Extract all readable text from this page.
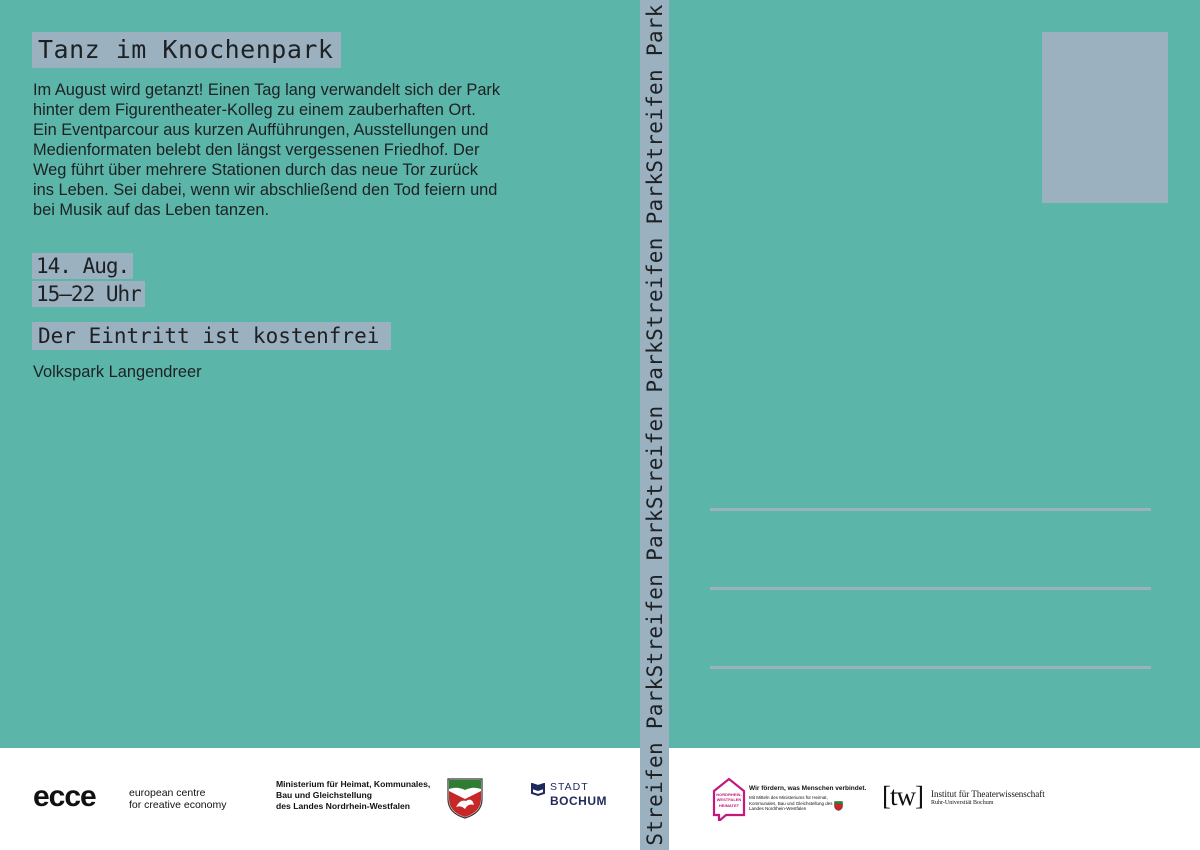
Tanz im Knochenpark

Im August wird getanzt! Einen Tag lang verwandelt sich der Park hinter dem Figurentheater-Kolleg zu einem zauberhaften Ort. Ein Eventparcour aus kurzen Aufführungen, Ausstellungen und Medienformaten belebt den längst vergessenen Friedhof. Der Weg führt über mehrere Stationen durch das neue Tor zurück ins Leben. Sei dabei, wenn wir abschließend den Tod feiern und bei Musik auf das Leben tanzen.

14. Aug.
15–22 Uhr
Der Eintritt ist kostenfrei
Volkspark Langendreer	Streifen ParkStreifen ParkStreifen ParkStreifen ParkStreifen Park
ecce	european centre
for creative economy
Ministerium für Heimat, Kommunales,
Bau und Gleichstellung
des Landes Nordrhein-Westfalen
STADT
BOCHUM	NORDRHEIN-
WESTFALEN
HEIMATET
Wir fördern, was Menschen verbindet.
Mit Mitteln des Ministeriums für Heimat, Kommunales, Bau und Gleichstellung des Landes Nordrhein-Westfalen	[tw] Institut für Theaterwissenschaft
Ruhr-Universität Bochum
